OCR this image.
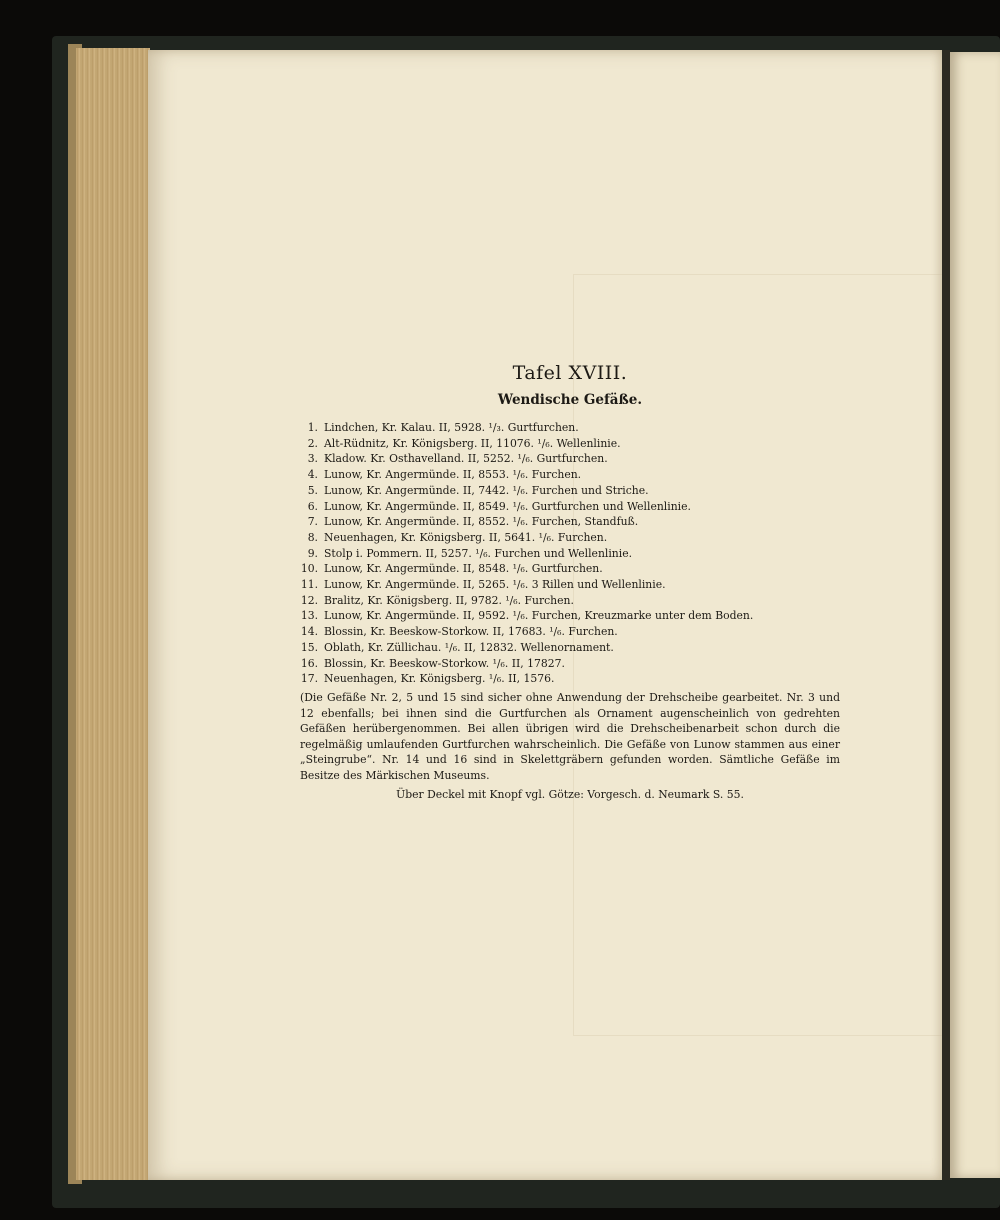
Tafel XVIII.
Wendische Gefäße.
1. Lindchen, Kr. Kalau. II, 5928. ¹/₃. Gurtfurchen.
2. Alt-Rüdnitz, Kr. Königsberg. II, 11076. ¹/₆. Wellenlinie.
3. Kladow. Kr. Osthavelland. II, 5252. ¹/₆. Gurtfurchen.
4. Lunow, Kr. Angermünde. II, 8553. ¹/₆. Furchen.
5. Lunow, Kr. Angermünde. II, 7442. ¹/₆. Furchen und Striche.
6. Lunow, Kr. Angermünde. II, 8549. ¹/₆. Gurtfurchen und Wellenlinie.
7. Lunow, Kr. Angermünde. II, 8552. ¹/₆. Furchen, Standfuß.
8. Neuenhagen, Kr. Königsberg. II, 5641. ¹/₆. Furchen.
9. Stolp i. Pommern. II, 5257. ¹/₆. Furchen und Wellenlinie.
10. Lunow, Kr. Angermünde. II, 8548. ¹/₆. Gurtfurchen.
11. Lunow, Kr. Angermünde. II, 5265. ¹/₆. 3 Rillen und Wellenlinie.
12. Bralitz, Kr. Königsberg. II, 9782. ¹/₆. Furchen.
13. Lunow, Kr. Angermünde. II, 9592. ¹/₆. Furchen, Kreuzmarke unter dem Boden.
14. Blossin, Kr. Beeskow-Storkow. II, 17683. ¹/₆. Furchen.
15. Oblath, Kr. Züllichau. ¹/₆. II, 12832. Wellenornament.
16. Blossin, Kr. Beeskow-Storkow. ¹/₆. II, 17827.
17. Neuenhagen, Kr. Königsberg. ¹/₆. II, 1576.

(Die Gefäße Nr. 2, 5 und 15 sind sicher ohne Anwendung der Drehscheibe gearbeitet. Nr. 3 und 12 ebenfalls; bei ihnen sind die Gurtfurchen als Ornament augenscheinlich von gedrehten Gefäßen herübergenommen. Bei allen übrigen wird die Drehscheibenarbeit schon durch die regelmäßig umlaufenden Gurtfurchen wahrscheinlich. Die Gefäße von Lunow stammen aus einer „Steingrube“. Nr. 14 und 16 sind in Skelettgräbern gefunden worden. Sämtliche Gefäße im Besitze des Märkischen Museums.

Über Deckel mit Knopf vgl. Götze: Vorgesch. d. Neumark S. 55.
